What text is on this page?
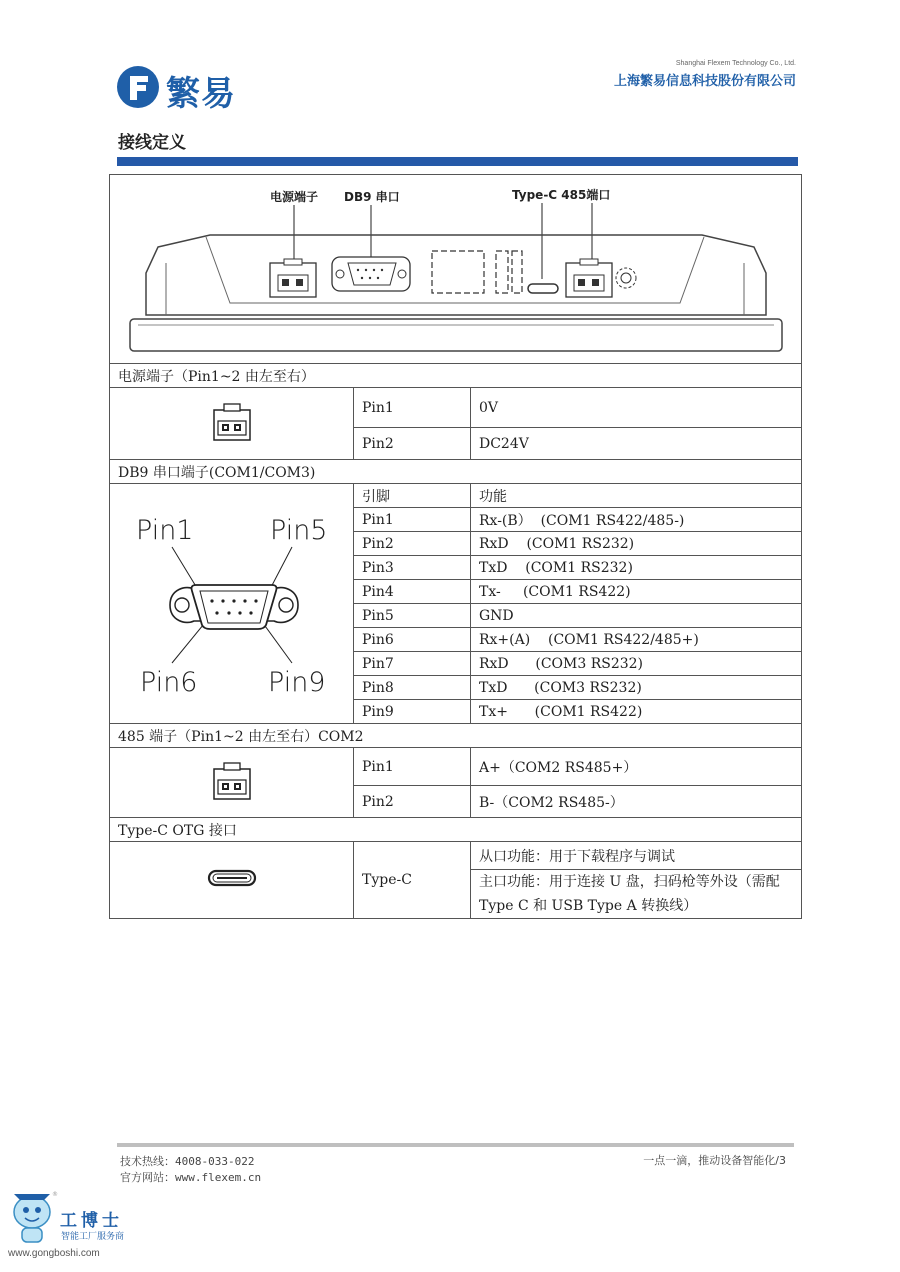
繁易
Shanghai Flexem Technology Co., Ltd.
上海繁易信息科技股份有限公司
接线定义
电源端子 DB9 串口 Type-C 485端口		

电源端子（Pin1~2 由左至右）		
	Pin1	0V
	Pin2	DC24V
DB9 串口端子(COM1/COM3)		

Pin1 Pin5
Pin6 Pin9	引脚	功能
	Pin1	Rx-(B）  (COM1 RS422/485-)
	Pin2	RxD    (COM1 RS232)
	Pin3	TxD    (COM1 RS232)
	Pin4	Tx-     (COM1 RS422)
	Pin5	GND
	Pin6	Rx+(A)    (COM1 RS422/485+)
	Pin7	RxD      (COM3 RS232)
	Pin8	TxD      (COM3 RS232)
	Pin9	Tx+      (COM1 RS422)
485 端子（Pin1~2 由左至右）COM2		
	Pin1	A+（COM2 RS485+）
	Pin2	B-（COM2 RS485-）
Type-C OTG 接口		
	Type-C	从口功能：用于下载程序与调试
		主口功能：用于连接 U 盘，扫码枪等外设（需配 Type C 和 USB Type A 转换线）
技术热线：4008-033-022
官方网站：www.flexem.cn
一点一滴，推动设备智能化/3
®
工博士
智能工厂服务商
www.gongboshi.com
